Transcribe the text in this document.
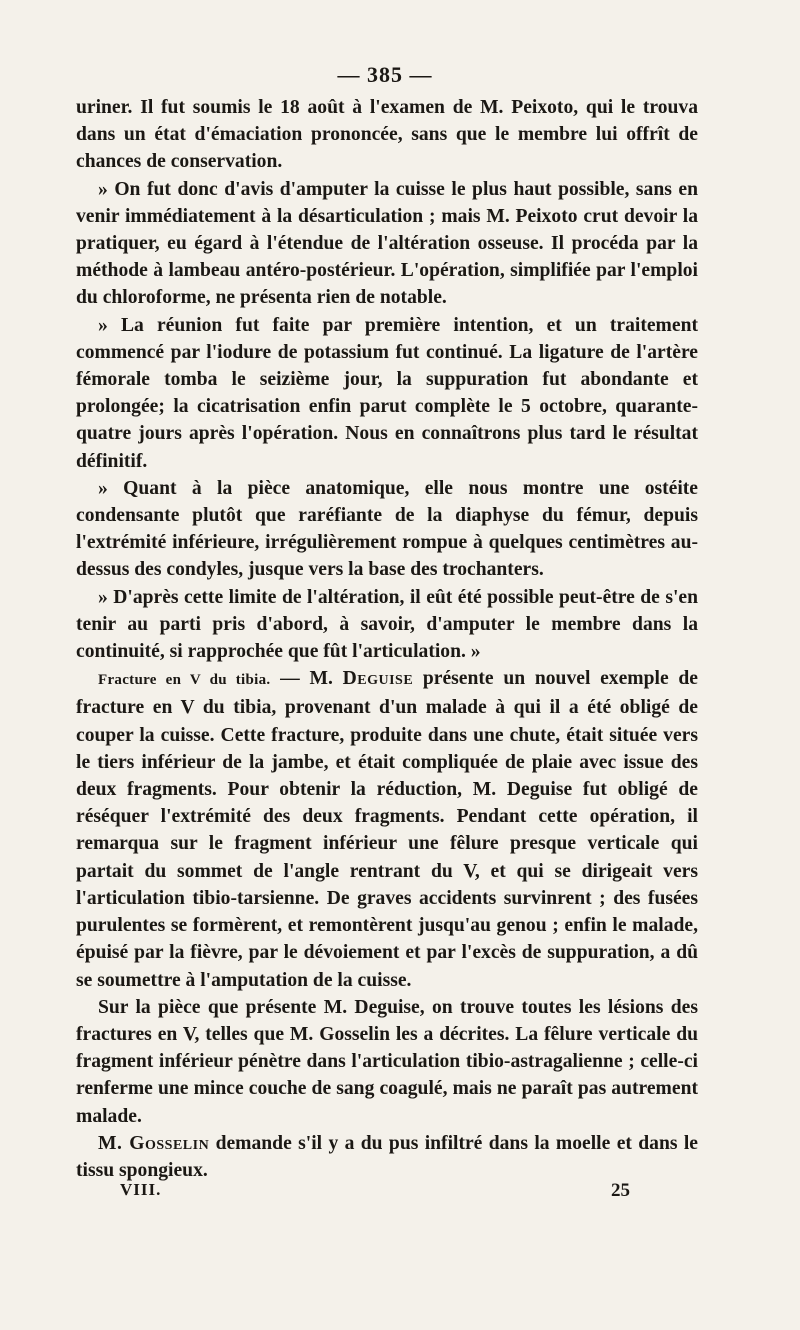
— 385 —

uriner. Il fut soumis le 18 août à l'examen de M. Peixoto, qui le trouva dans un état d'émaciation prononcée, sans que le membre lui offrît de chances de conservation.

» On fut donc d'avis d'amputer la cuisse le plus haut possible, sans en venir immédiatement à la désarticulation ; mais M. Peixoto crut devoir la pratiquer, eu égard à l'étendue de l'altération osseuse. Il procéda par la méthode à lambeau antéro-postérieur. L'opération, simplifiée par l'emploi du chloroforme, ne présenta rien de notable.

» La réunion fut faite par première intention, et un traitement commencé par l'iodure de potassium fut continué. La ligature de l'artère fémorale tomba le seizième jour, la suppuration fut abondante et prolongée; la cicatrisation enfin parut complète le 5 octobre, quarante-quatre jours après l'opération. Nous en connaîtrons plus tard le résultat définitif.

» Quant à la pièce anatomique, elle nous montre une ostéite condensante plutôt que raréfiante de la diaphyse du fémur, depuis l'extrémité inférieure, irrégulièrement rompue à quelques centimètres au-dessus des condyles, jusque vers la base des trochanters.

» D'après cette limite de l'altération, il eût été possible peut-être de s'en tenir au parti pris d'abord, à savoir, d'amputer le membre dans la continuité, si rapprochée que fût l'articulation. »

Fracture en V du tibia. — M. Deguise présente un nouvel exemple de fracture en V du tibia, provenant d'un malade à qui il a été obligé de couper la cuisse. Cette fracture, produite dans une chute, était située vers le tiers inférieur de la jambe, et était compliquée de plaie avec issue des deux fragments. Pour obtenir la réduction, M. Deguise fut obligé de réséquer l'extrémité des deux fragments. Pendant cette opération, il remarqua sur le fragment inférieur une fêlure presque verticale qui partait du sommet de l'angle rentrant du V, et qui se dirigeait vers l'articulation tibio-tarsienne. De graves accidents survinrent ; des fusées purulentes se formèrent, et remontèrent jusqu'au genou ; enfin le malade, épuisé par la fièvre, par le dévoiement et par l'excès de suppuration, a dû se soumettre à l'amputation de la cuisse.

Sur la pièce que présente M. Deguise, on trouve toutes les lésions des fractures en V, telles que M. Gosselin les a décrites. La fêlure verticale du fragment inférieur pénètre dans l'articulation tibio-astragalienne ; celle-ci renferme une mince couche de sang coagulé, mais ne paraît pas autrement malade.

M. Gosselin demande s'il y a du pus infiltré dans la moelle et dans le tissu spongieux.

VIII.	25
